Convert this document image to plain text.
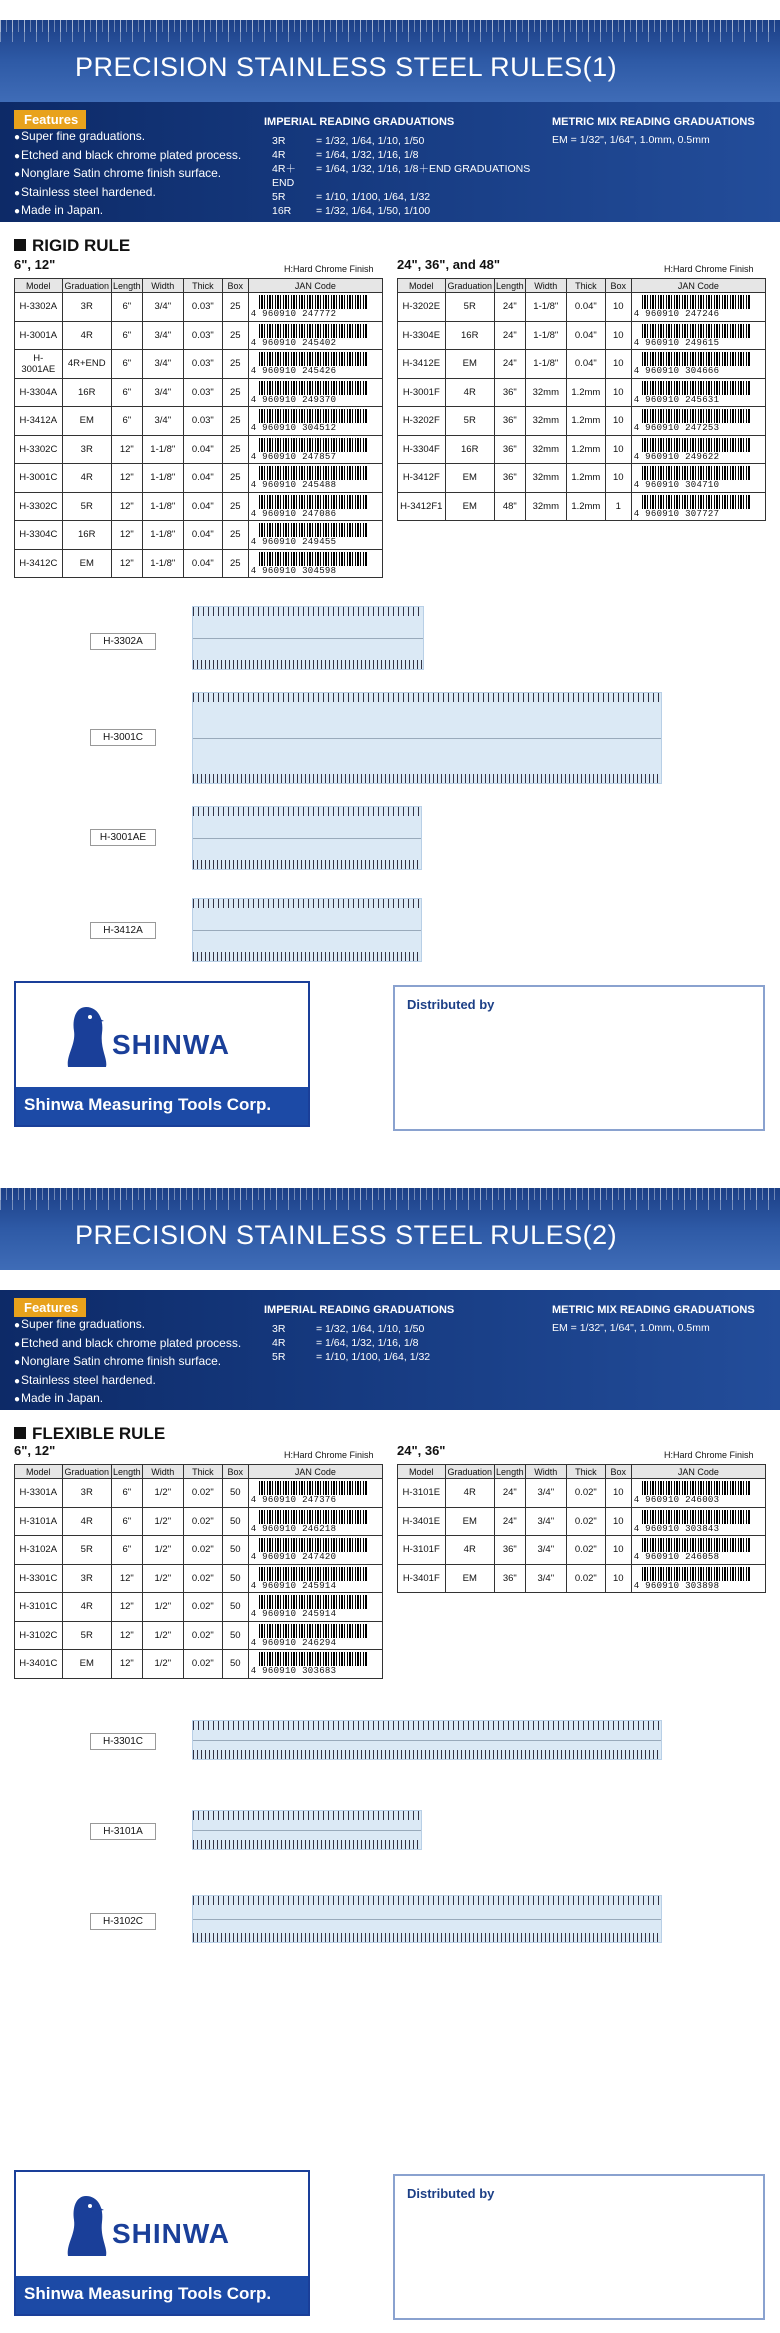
PRECISION STAINLESS STEEL RULES(1)
Features
● Super fine graduations.
● Etched and black chrome plated process.
● Nonglare Satin chrome finish surface.
● Stainless steel hardened.
● Made in Japan.
IMPERIAL READING GRADUATIONS
3R	= 1/32, 1/64, 1/10, 1/50
4R	= 1/64, 1/32, 1/16, 1/8
4R＋END
= 1/64, 1/32, 1/16, 1/8＋END GRADUATIONS
5R	= 1/10, 1/100, 1/64, 1/32
16R	= 1/32, 1/64, 1/50, 1/100
METRIC MIX READING GRADUATIONS
EM = 1/32", 1/64", 1.0mm, 0.5mm
RIGID RULE
6", 12"	H:Hard Chrome Finish 24", 36", and 48"	H:Hard Chrome Finish
Model	Graduation	Length	Width	Thick	Box	JAN Code
H-3302A	3R	6"	3/4"	0.03"	25	4 960910 247772

H-3001A	4R	6"	3/4"	0.03"	25	4 960910 245402

H-3001AE	4R+END	6"	3/4"	0.03"	25	4 960910 245426

H-3304A	16R	6"	3/4"	0.03"	25	4 960910 249370

H-3412A	EM	6"	3/4"	0.03"	25	4 960910 304512

H-3302C	3R	12"	1-1/8"	0.04"	25	4 960910 247857

H-3001C	4R	12"	1-1/8"	0.04"	25	4 960910 245488

H-3302C	5R	12"	1-1/8"	0.04"	25	4 960910 247086

H-3304C	16R	12"	1-1/8"	0.04"	25	4 960910 249455

H-3412C	EM	12"	1-1/8"	0.04"	25	4 960910 304598
Model	Graduation	Length	Width	Thick	Box	JAN Code
H-3202E	5R	24"	1-1/8"	0.04"	10	4 960910 247246

H-3304E	16R	24"	1-1/8"	0.04"	10	4 960910 249615

H-3412E	EM	24"	1-1/8"	0.04"	10	4 960910 304666

H-3001F	4R	36"	32mm	1.2mm	10	4 960910 245631

H-3202F	5R	36"	32mm	1.2mm	10	4 960910 247253

H-3304F	16R	36"	32mm	1.2mm	10	4 960910 249622

H-3412F	EM	36"	32mm	1.2mm	10	4 960910 304710

H-3412F1	EM	48"	32mm	1.2mm	1	4 960910 307727
H-3302A
H-3001C
H-3001AE
H-3412A
SHINWA
Shinwa Measuring Tools Corp.
Distributed by
PRECISION STAINLESS STEEL RULES(2)
Features
● Super fine graduations.
● Etched and black chrome plated process.
● Nonglare Satin chrome finish surface.
● Stainless steel hardened.
● Made in Japan.
IMPERIAL READING GRADUATIONS
3R	= 1/32, 1/64, 1/10, 1/50
4R	= 1/64, 1/32, 1/16, 1/8
5R	= 1/10, 1/100, 1/64, 1/32
METRIC MIX READING GRADUATIONS
EM = 1/32", 1/64", 1.0mm, 0.5mm
FLEXIBLE RULE
6", 12"	H:Hard Chrome Finish 24", 36"	H:Hard Chrome Finish
Model	Graduation	Length	Width	Thick	Box	JAN Code
H-3301A	3R	6"	1/2"	0.02"	50	4 960910 247376

H-3101A	4R	6"	1/2"	0.02"	50	4 960910 246218

H-3102A	5R	6"	1/2"	0.02"	50	4 960910 247420

H-3301C	3R	12"	1/2"	0.02"	50	4 960910 245914

H-3101C	4R	12"	1/2"	0.02"	50	4 960910 245914

H-3102C	5R	12"	1/2"	0.02"	50	4 960910 246294

H-3401C	EM	12"	1/2"	0.02"	50	4 960910 303683
Model	Graduation	Length	Width	Thick	Box	JAN Code
H-3101E	4R	24"	3/4"	0.02"	10	4 960910 246003

H-3401E	EM	24"	3/4"	0.02"	10	4 960910 303843

H-3101F	4R	36"	3/4"	0.02"	10	4 960910 246058

H-3401F	EM	36"	3/4"	0.02"	10	4 960910 303898
H-3301C
H-3101A
H-3102C
SHINWA
Shinwa Measuring Tools Corp.
Distributed by
